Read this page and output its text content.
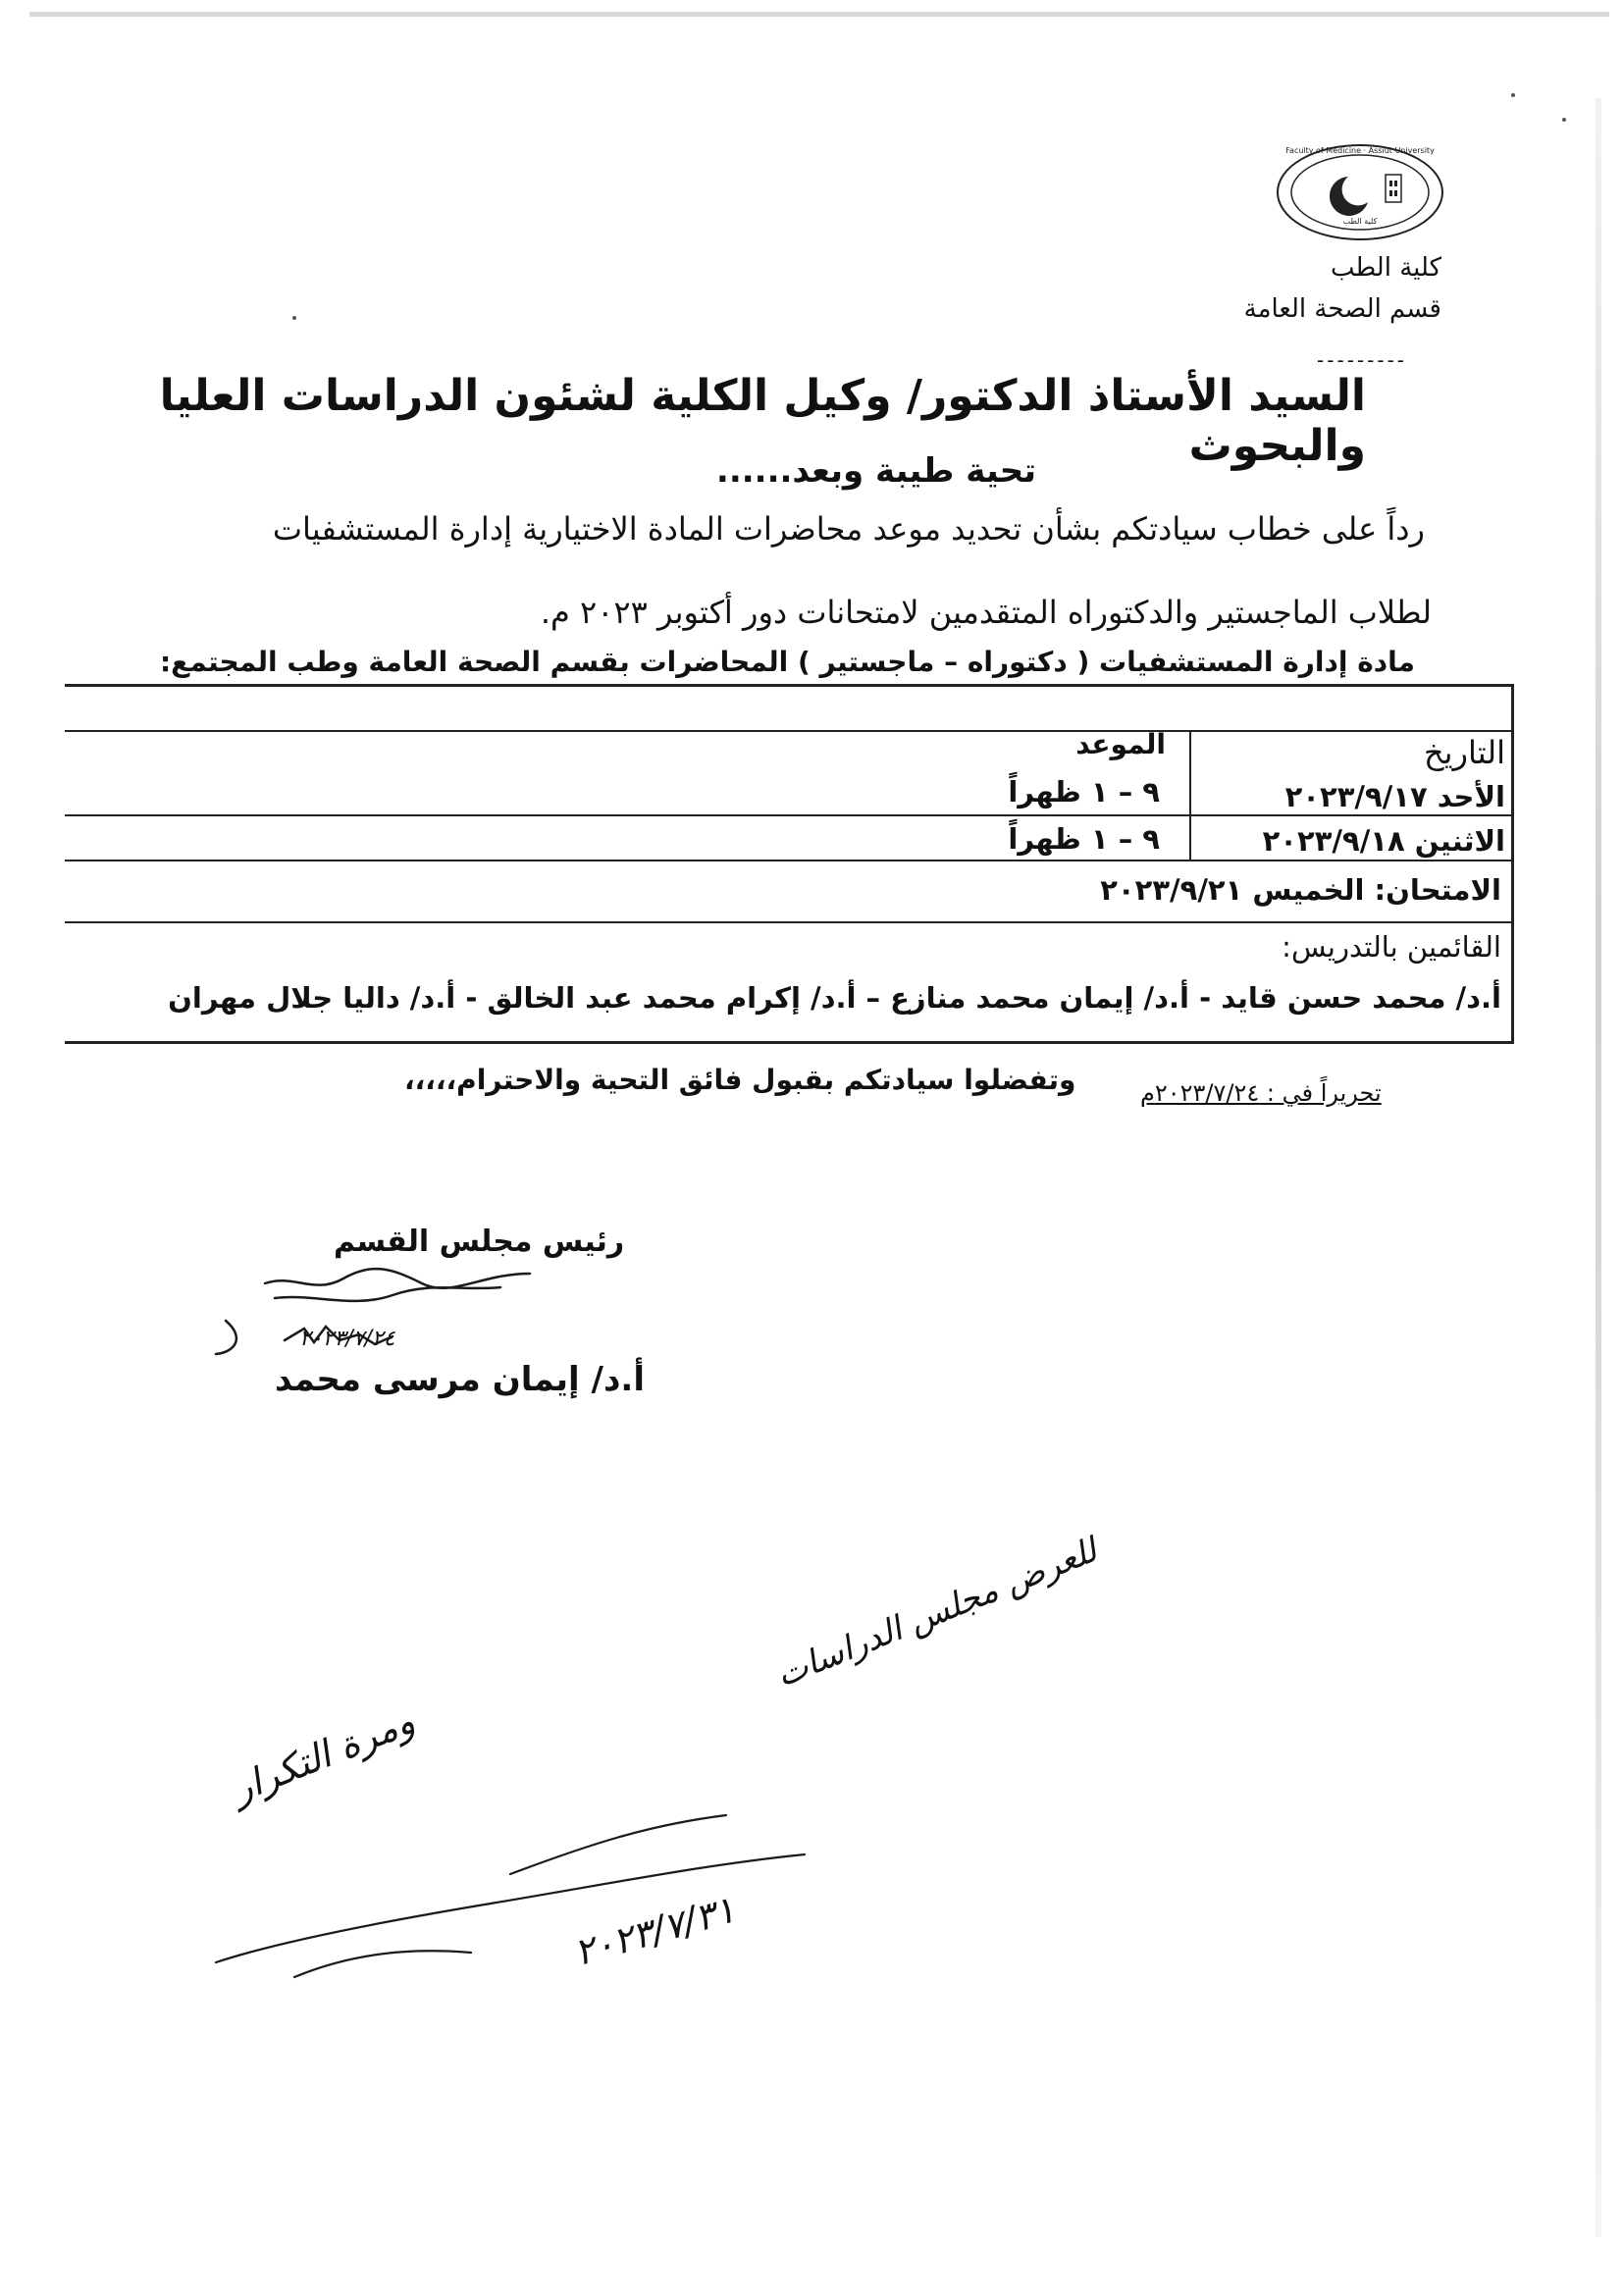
Faculty of Medicine · Assiut University
كلية الطب
كلية الطب
قسم الصحة العامة
---------
السيد الأستاذ الدكتور/ وكيل الكلية لشئون الدراسات العليا والبحوث
تحية طيبة وبعد......
رداً على خطاب سيادتكم بشأن تحديد موعد محاضرات المادة الاختيارية إدارة المستشفيات
لطلاب الماجستير والدكتوراه المتقدمين لامتحانات دور أكتوبر ٢٠٢٣ م.
مادة إدارة المستشفيات ( دكتوراه – ماجستير ) المحاضرات بقسم الصحة العامة وطب المجتمع:
التاريخ
الموعد
الأحد ٢٠٢٣/٩/١٧
٩ – ١ ظهراً
الاثنين ٢٠٢٣/٩/١٨
٩ – ١ ظهراً
الامتحان: الخميس ٢٠٢٣/٩/٢١
القائمين بالتدريس:
أ.د/ محمد حسن قايد - أ.د/ إيمان محمد منازع – أ.د/ إكرام محمد عبد الخالق - أ.د/ داليا جلال مهران
وتفضلوا سيادتكم بقبول فائق التحية والاحترام،،،،،	تحريراً في : ٢٠٢٣/٧/٢٤م
رئيس مجلس القسم
٢٠٢٣/٧/٢٤
أ.د/ إيمان مرسى محمد
للعرض مجلس الدراسات
ومرة التكرار
٢٠٢٣/٧/٣١
